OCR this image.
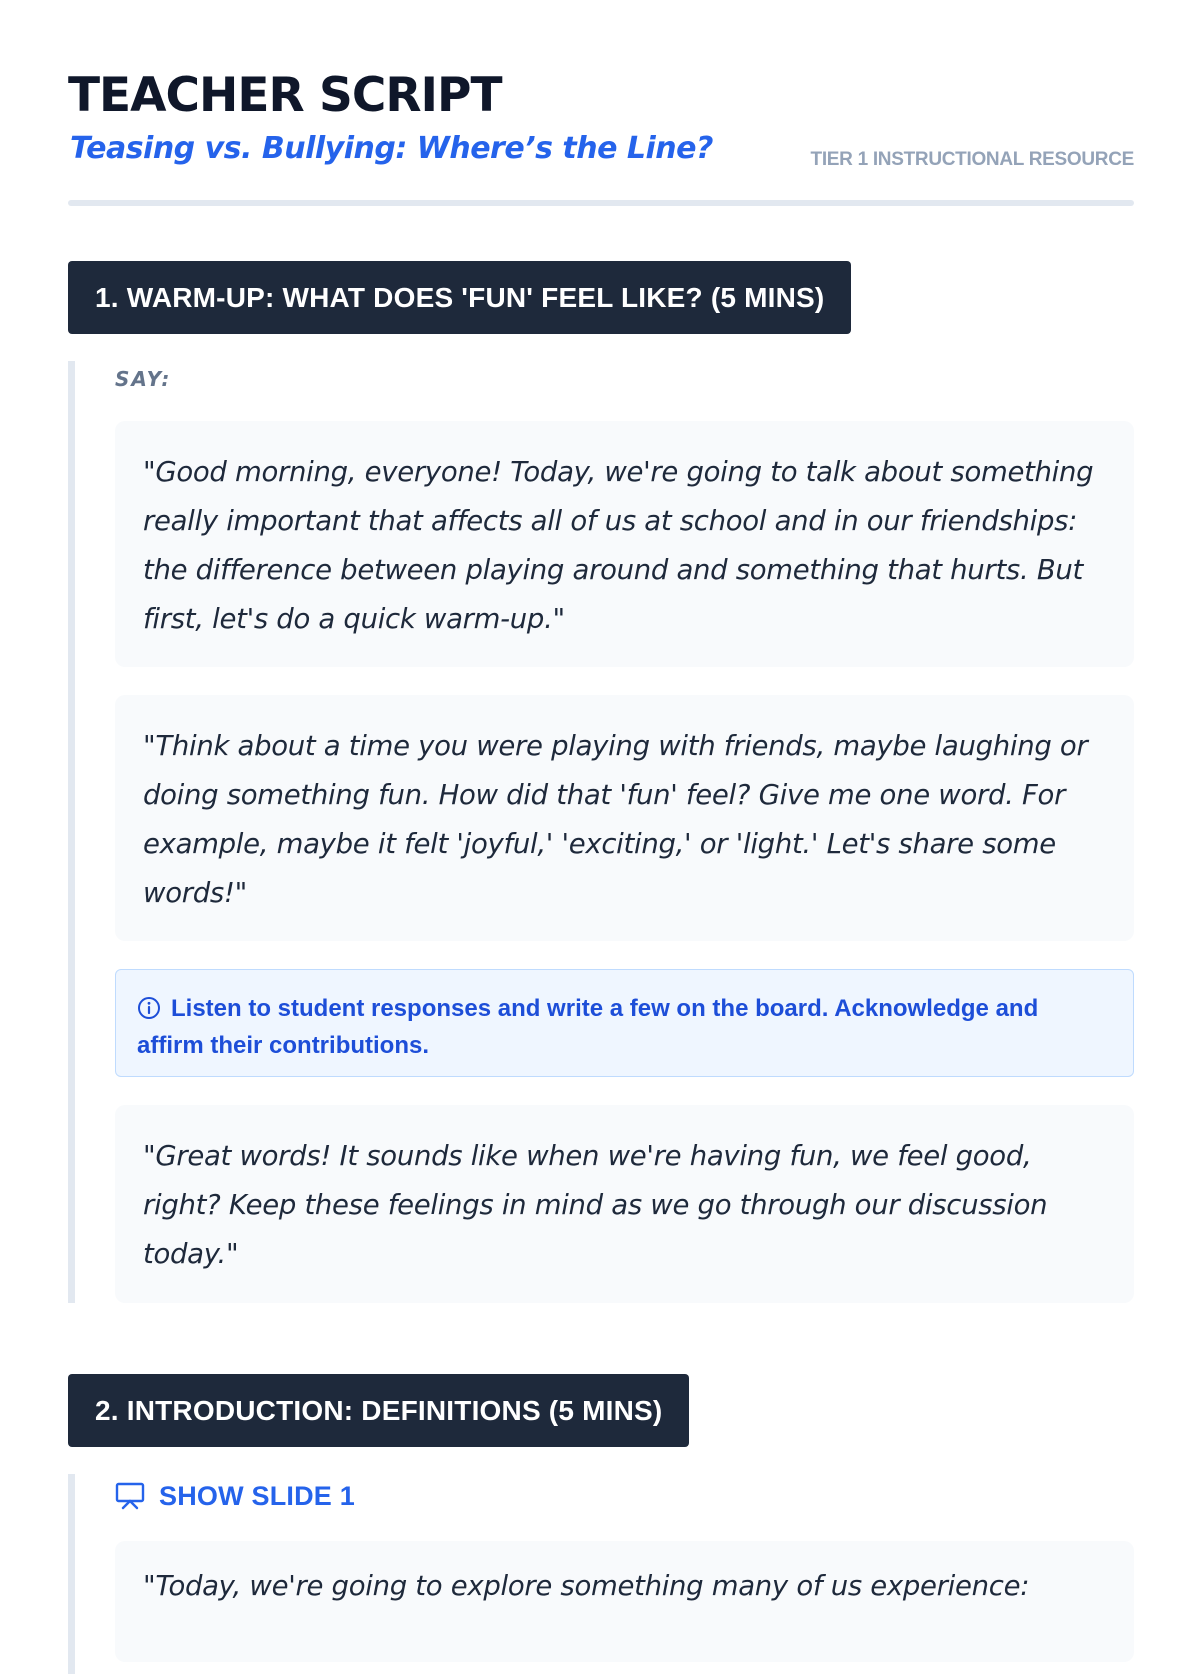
TEACHER SCRIPT
Teasing vs. Bullying: Where’s the Line?	TIER 1 INSTRUCTIONAL RESOURCE
1. WARM-UP: WHAT DOES 'FUN' FEEL LIKE? (5 MINS)
SAY:
"Good morning, everyone! Today, we're going to talk about something really important that affects all of us at school and in our friendships: the difference between playing around and something that hurts. But first, let's do a quick warm-up."
"Think about a time you were playing with friends, maybe laughing or doing something fun. How did that 'fun' feel? Give me one word. For example, maybe it felt 'joyful,' 'exciting,' or 'light.' Let's share some words!"
Listen to student responses and write a few on the board. Acknowledge and affirm their contributions.
"Great words! It sounds like when we're having fun, we feel good, right? Keep these feelings in mind as we go through our discussion today."
2. INTRODUCTION: DEFINITIONS (5 MINS)
SHOW SLIDE 1
"Today, we're going to explore something many of us experience:
